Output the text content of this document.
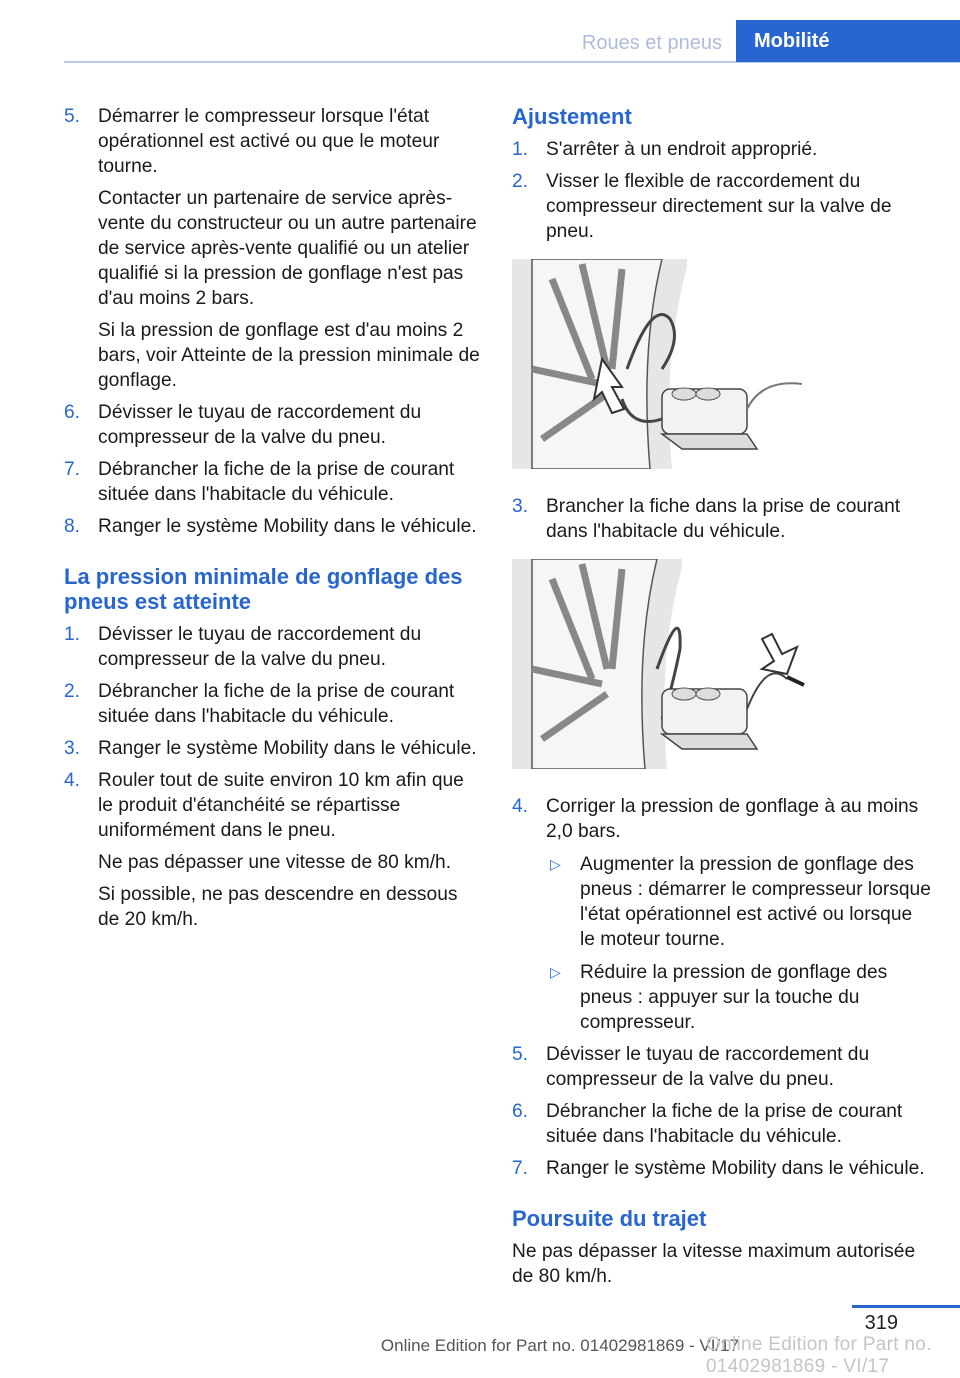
Roues et pneus	Mobilité
5. Démarrer le compresseur lorsque l'état opérationnel est activé ou que le moteur tourne.

Contacter un partenaire de service après-vente du constructeur ou un autre partenaire de service après-vente qualifié ou un atelier qualifié si la pression de gonflage n'est pas d'au moins 2 bars.

Si la pression de gonflage est d'au moins 2 bars, voir Atteinte de la pression minimale de gonflage.

6. Dévisser le tuyau de raccordement du compresseur de la valve du pneu.

7. Débrancher la fiche de la prise de courant située dans l'habitacle du véhicule.

8. Ranger le système Mobility dans le véhicule.

La pression minimale de gonflage des pneus est atteinte
1. Dévisser le tuyau de raccordement du compresseur de la valve du pneu.

2. Débrancher la fiche de la prise de courant située dans l'habitacle du véhicule.

3. Ranger le système Mobility dans le véhicule.

4. Rouler tout de suite environ 10 km afin que le produit d'étanchéité se répartisse uniformément dans le pneu.

Ne pas dépasser une vitesse de 80 km/h.

Si possible, ne pas descendre en dessous de 20 km/h.

Ajustement
1. S'arrêter à un endroit approprié.
2. Visser le flexible de raccordement du compresseur directement sur la valve de pneu.
3. Brancher la fiche dans la prise de courant dans l'habitacle du véhicule.
4. Corriger la pression de gonflage à au moins 2,0 bars.

▷	Augmenter la pression de gonflage des pneus : démarrer le compresseur lorsque l'état opérationnel est activé ou lorsque le moteur tourne.
▷	Réduire la pression de gonflage des pneus : appuyer sur la touche du compresseur.
5. Dévisser le tuyau de raccordement du compresseur de la valve du pneu.
6. Débrancher la fiche de la prise de courant située dans l'habitacle du véhicule.
7. Ranger le système Mobility dans le véhicule.
Poursuite du trajet

Ne pas dépasser la vitesse maximum autorisée de 80 km/h.

319
Online Edition for Part no. 01402981869 - VI/17
Online Edition for Part no. 01402981869 - VI/17
